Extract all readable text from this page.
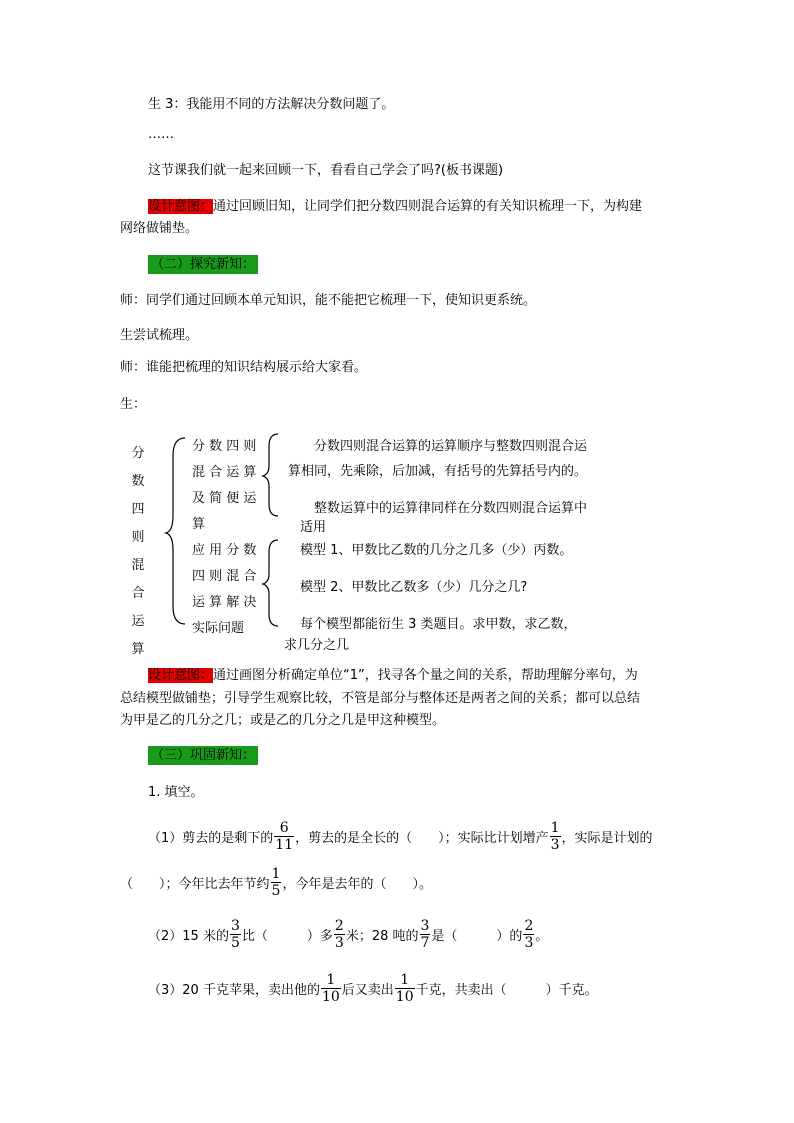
生 3：我能用不同的方法解决分数问题了。
……
这节课我们就一起来回顾一下，看看自己学会了吗?(板书课题)
设计意图：通过回顾旧知，让同学们把分数四则混合运算的有关知识梳理一下，为构建
网络做铺垫。
（二）探究新知：
师：同学们通过回顾本单元知识，能不能把它梳理一下，使知识更系统。
生尝试梳理。
师：谁能把梳理的知识结构展示给大家看。
生：
分
数
四
则
混
合
运
算
分 数 四 则
混 合 运 算
及 简 便 运
算
应 用 分 数
四 则 混 合
运 算 解 决
实际问题
分数四则混合运算的运算顺序与整数四则混合运
算相同，先乘除，后加减，有括号的先算括号内的。
整数运算中的运算律同样在分数四则混合运算中
适用
模型 1、甲数比乙数的几分之几多（少）丙数。
模型 2、甲数比乙数多（少）几分之几?
每个模型都能衍生 3 类题目。求甲数，求乙数，
求几分之几
设计意图：通过画图分析确定单位“1”，找寻各个量之间的关系，帮助理解分率句，为
总结模型做铺垫；引导学生观察比较，不管是部分与整体还是两者之间的关系；都可以总结
为甲是乙的几分之几；或是乙的几分之几是甲这种模型。
（三）巩固新知：
1. 填空。
（1）剪去的是剩下的 $\frac{6}{11}$ ，剪去的是全长的（　　）；实际比计划增产 $\frac{1}{3}$ ，实际是计划的
（　　）；今年比去年节约 $\frac{1}{5}$ ，今年是去年的（　　）。
（2）15 米的 $\frac{3}{5}$ 比（　　　）多 $\frac{2}{3}$ 米；28 吨的 $\frac{3}{7}$ 是（　　　）的 $\frac{2}{3}$ 。
（3）20 千克苹果，卖出他的 $\frac{1}{10}$ 后又卖出 $\frac{1}{10}$ 千克，共卖出（　　　）千克。
